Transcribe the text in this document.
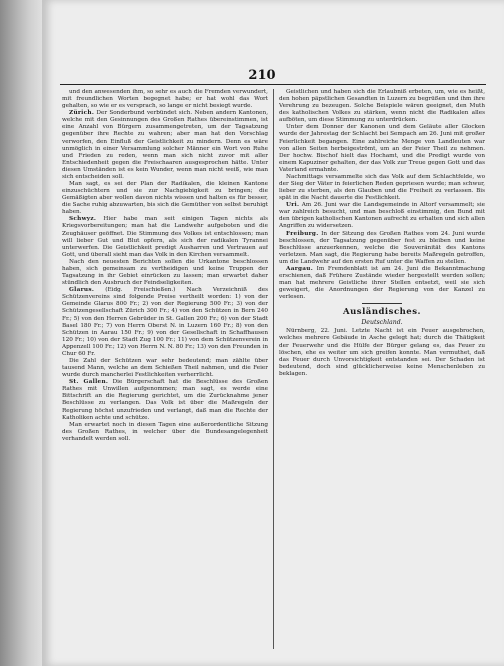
210

und den anwesenden ihm, so sehr es auch die Fremden verwundert, mit freundlichen Worten begegnet habe; er hat wohl das Wort gehalten, so wie er es versprach, so lange er nicht besiegt wurde.

Zürich. Der Sonderbund verbündet sich. Neben andern Kantonen, welche mit den Gesinnungen des Großen Rathes übereinstimmen, ist eine Anzahl von Bürgern zusammengetreten, um der Tagsatzung gegenüber ihre Rechte zu wahren; aber man hat den Vorschlag verworfen, den Einfluß der Geistlichkeit zu mindern. Denn es wäre unmöglich in einer Versammlung solcher Männer ein Wort von Ruhe und Frieden zu reden, wenn man sich nicht zuvor mit aller Entschiedenheit gegen die Freischaaren ausgesprochen hätte. Unter diesen Umständen ist es kein Wunder, wenn man nicht weiß, wie man sich entscheiden soll.

Man sagt, es sei der Plan der Radikalen, die kleinen Kantone einzuschüchtern und sie zur Nachgiebigkeit zu bringen; die Gemäßigten aber wollen davon nichts wissen und halten es für besser, die Sache ruhig abzuwarten, bis sich die Gemüther von selbst beruhigt haben.

Schwyz. Hier habe man seit einigen Tagen nichts als Kriegsvorbereitungen; man hat die Landwehr aufgeboten und die Zeughäuser geöffnet. Die Stimmung des Volkes ist entschlossen; man will lieber Gut und Blut opfern, als sich der radikalen Tyrannei unterwerfen. Die Geistlichkeit predigt Ausharren und Vertrauen auf Gott, und überall sieht man das Volk in den Kirchen versammelt.

Nach den neuesten Berichten sollen die Urkantone beschlossen haben, sich gemeinsam zu vertheidigen und keine Truppen der Tagsatzung in ihr Gebiet einrücken zu lassen; man erwartet daher stündlich den Ausbruch der Feindseligkeiten.

Glarus. (Eidg. Freischießen.) Nach Verzeichniß des Schützenvereins sind folgende Preise vertheilt worden: 1) von der Gemeinde Glarus 800 Fr.; 2) von der Regierung 500 Fr.; 3) von der Schützengesellschaft Zürich 300 Fr.; 4) von den Schützen in Bern 240 Fr.; 5) von den Herren Gebrüder in St. Gallen 200 Fr.; 6) von der Stadt Basel 180 Fr.; 7) von Herrn Oberst N. in Luzern 160 Fr.; 8) von den Schützen in Aarau 150 Fr.; 9) von der Gesellschaft in Schaffhausen 120 Fr.; 10) von der Stadt Zug 100 Fr.; 11) von dem Schützenverein in Appenzell 100 Fr.; 12) von Herrn N. N. 80 Fr.; 13) von den Freunden in Chur 60 Fr.

Die Zahl der Schützen war sehr bedeutend; man zählte über tausend Mann, welche an dem Schießen Theil nahmen, und die Feier wurde durch mancherlei Festlichkeiten verherrlicht.

St. Gallen. Die Bürgerschaft hat die Beschlüsse des Großen Rathes mit Unwillen aufgenommen; man sagt, es werde eine Bittschrift an die Regierung gerichtet, um die Zurücknahme jener Beschlüsse zu verlangen. Das Volk ist über die Maßregeln der Regierung höchst unzufrieden und verlangt, daß man die Rechte der Katholiken achte und schütze.

Man erwartet noch in diesen Tagen eine außerordentliche Sitzung des Großen Rathes, in welcher über die Bundesangelegenheit verhandelt werden soll.

Geistlichen und haben sich die Erlaubniß erbeten, um, wie es heißt, den hohen päpstlichen Gesandten in Luzern zu begrüßen und ihm ihre Verehrung zu bezeugen. Solche Beispiele wären geeignet, den Muth des katholischen Volkes zu stärken, wenn nicht die Radikalen alles aufböten, um diese Stimmung zu unterdrücken.

Unter dem Donner der Kanonen und dem Geläute aller Glocken wurde der Jahrestag der Schlacht bei Sempach am 26. Juni mit großer Feierlichkeit begangen. Eine zahlreiche Menge von Landleuten war von allen Seiten herbeigeströmt, um an der Feier Theil zu nehmen. Der hochw. Bischof hielt das Hochamt, und die Predigt wurde von einem Kapuziner gehalten, der das Volk zur Treue gegen Gott und das Vaterland ermahnte.

Nachmittags versammelte sich das Volk auf dem Schlachtfelde, wo der Sieg der Väter in feierlichen Reden gepriesen wurde; man schwur, lieber zu sterben, als den Glauben und die Freiheit zu verlassen. Bis spät in die Nacht dauerte die Festlichkeit.

Uri. Am 26. Juni war die Landsgemeinde in Altorf versammelt; sie war zahlreich besucht, und man beschloß einstimmig, den Bund mit den übrigen katholischen Kantonen aufrecht zu erhalten und sich allen Angriffen zu widersetzen.

Freiburg. In der Sitzung des Großen Rathes vom 24. Juni wurde beschlossen, der Tagsatzung gegenüber fest zu bleiben und keine Beschlüsse anzuerkennen, welche die Souveränität des Kantons verletzen. Man sagt, die Regierung habe bereits Maßregeln getroffen, um die Landwehr auf den ersten Ruf unter die Waffen zu stellen.

Aargau. Im Fremdenblatt ist am 24. Juni die Bekanntmachung erschienen, daß Frühere Zustände wieder hergestellt werden sollen; man hat mehrere Geistliche ihrer Stellen entsetzt, weil sie sich geweigert, die Anordnungen der Regierung von der Kanzel zu verlesen.

Ausländisches.
Deutschland.

Nürnberg, 22. Juni. Letzte Nacht ist ein Feuer ausgebrochen, welches mehrere Gebäude in Asche gelegt hat; durch die Thätigkeit der Feuerwehr und die Hülfe der Bürger gelang es, das Feuer zu löschen, ehe es weiter um sich greifen konnte. Man vermuthet, daß das Feuer durch Unvorsichtigkeit entstanden sei. Der Schaden ist bedeutend, doch sind glücklicherweise keine Menschenleben zu beklagen.
